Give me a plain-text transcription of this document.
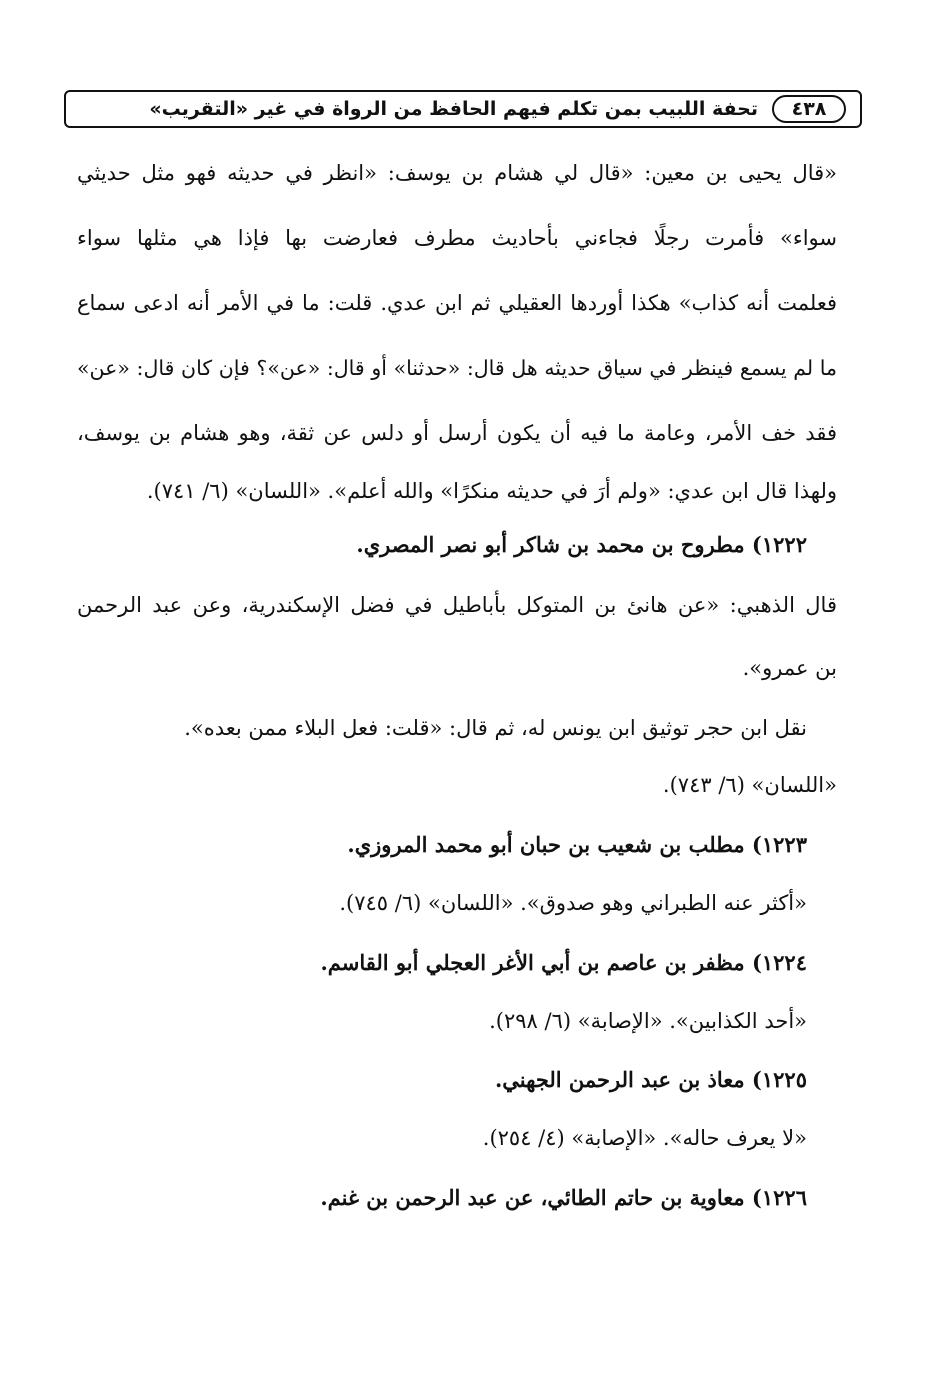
٤٣٨
تحفة اللبيب بمن تكلم فيهم الحافظ من الرواة في غير «التقريب»
«قال يحيى بن معين: «قال لي هشام بن يوسف: «انظر في حديثه فهو مثل حديثي
سواء» فأمرت رجلًا فجاءني بأحاديث مطرف فعارضت بها فإذا هي مثلها سواء
فعلمت أنه كذاب» هكذا أوردها العقيلي ثم ابن عدي. قلت: ما في الأمر أنه ادعى سماع
ما لم يسمع فينظر في سياق حديثه هل قال: «حدثنا» أو قال: «عن»؟ فإن كان قال: «عن»
فقد خف الأمر، وعامة ما فيه أن يكون أرسل أو دلس عن ثقة، وهو هشام بن يوسف،
ولهذا قال ابن عدي: «ولم أرَ في حديثه منكرًا» والله أعلم». «اللسان» (٦/ ٧٤١).
١٢٢٢) مطروح بن محمد بن شاكر أبو نصر المصري.
قال الذهبي: «عن هانئ بن المتوكل بأباطيل في فضل الإسكندرية، وعن عبد الرحمن
بن عمرو».
نقل ابن حجر توثيق ابن يونس له، ثم قال: «قلت: فعل البلاء ممن بعده».
«اللسان» (٦/ ٧٤٣).
١٢٢٣) مطلب بن شعيب بن حبان أبو محمد المروزي.
«أكثر عنه الطبراني وهو صدوق». «اللسان» (٦/ ٧٤٥).
١٢٢٤) مظفر بن عاصم بن أبي الأغر العجلي أبو القاسم.
«أحد الكذابين». «الإصابة» (٦/ ٢٩٨).
١٢٢٥) معاذ بن عبد الرحمن الجهني.
«لا يعرف حاله». «الإصابة» (٤/ ٢٥٤).
١٢٢٦) معاوية بن حاتم الطائي، عن عبد الرحمن بن غنم.
